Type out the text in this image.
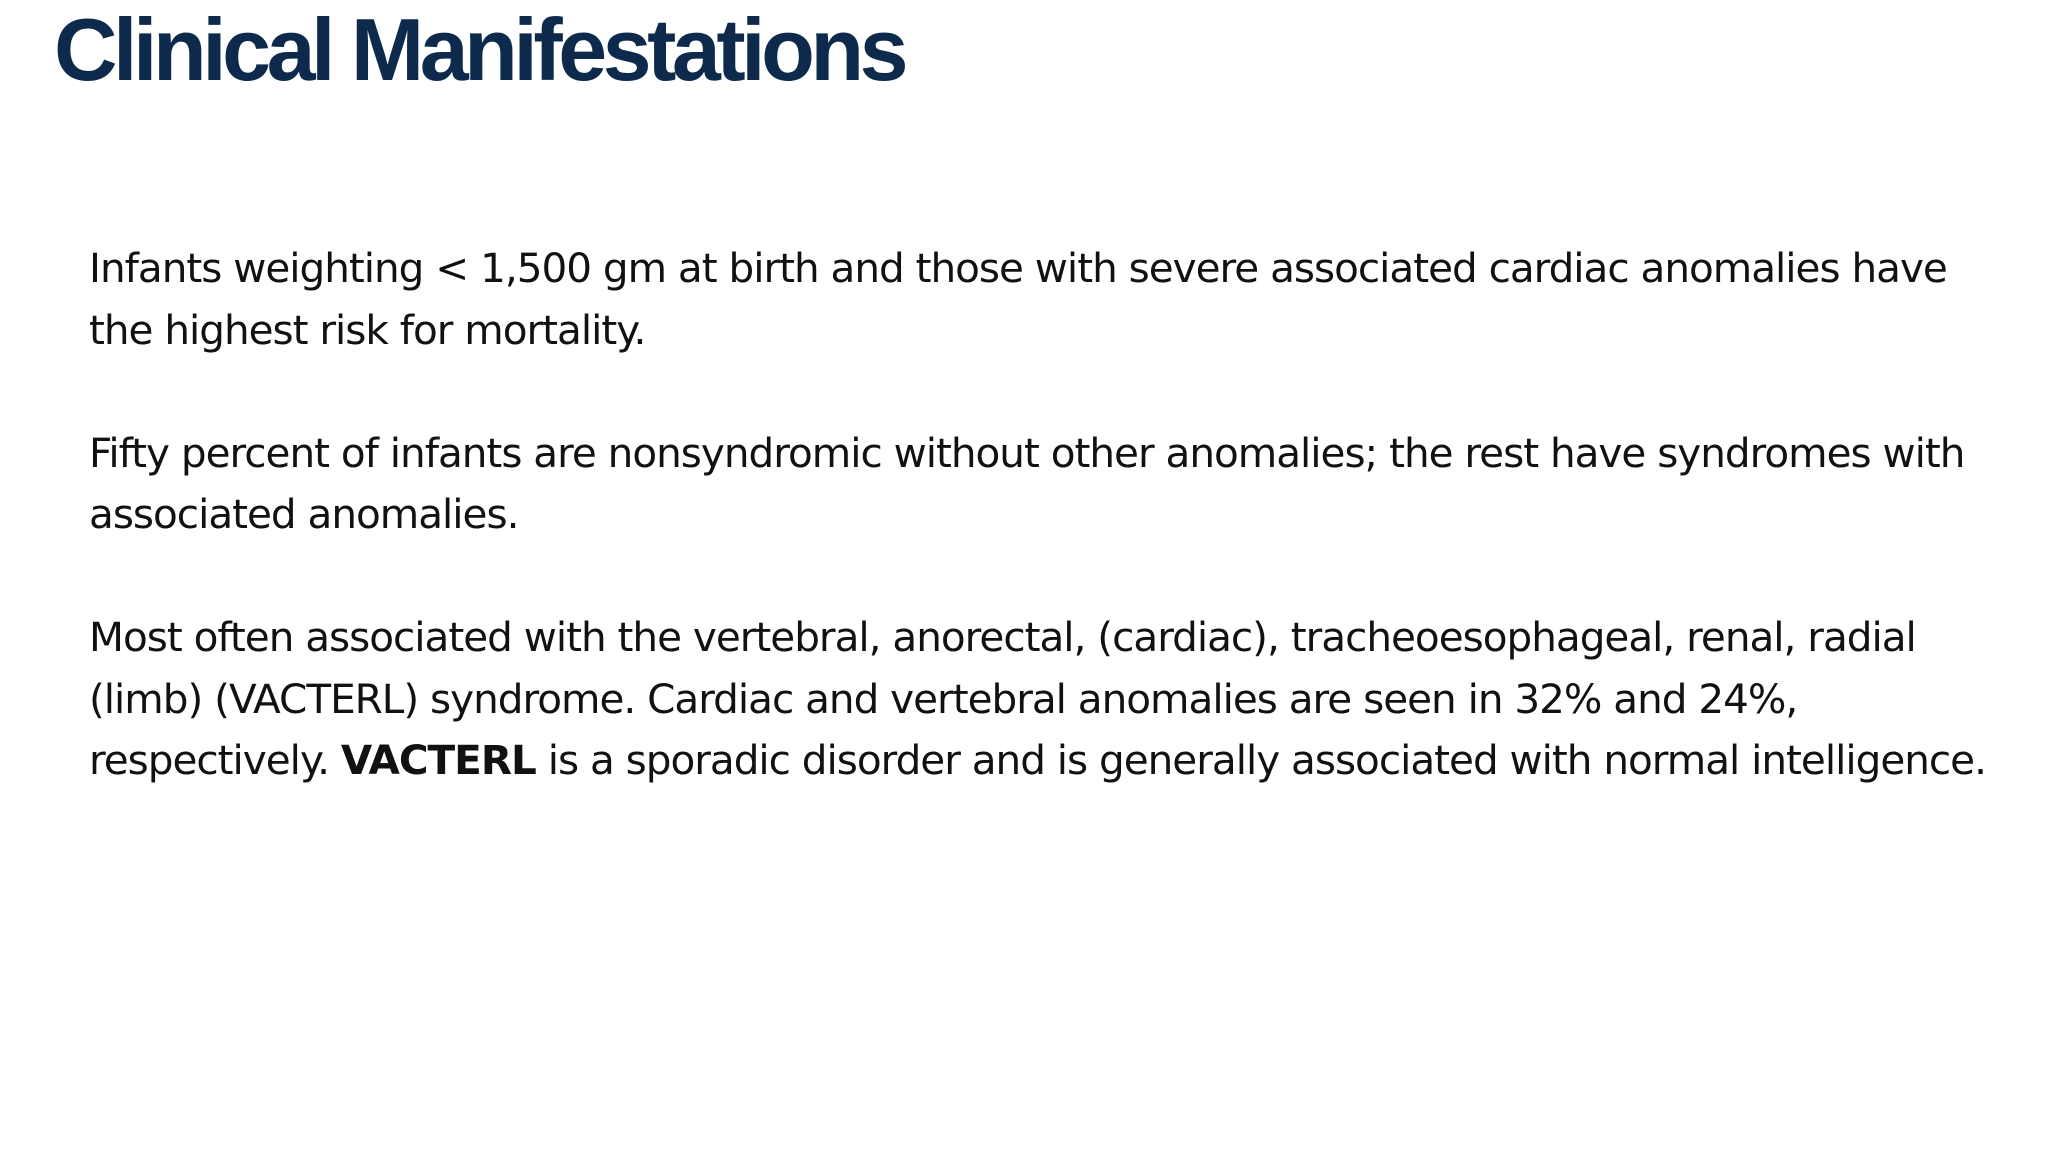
Clinical Manifestations

Infants weighting < 1,500 gm at birth and those with severe associated cardiac anomalies have the highest risk for mortality.

Fifty percent of infants are nonsyndromic without other anomalies; the rest have syndromes with associated anomalies.

Most often associated with the vertebral, anorectal, (cardiac), tracheoesophageal, renal, radial (limb) (VACTERL) syndrome. Cardiac and vertebral anomalies are seen in 32% and 24%, respectively. VACTERL is a sporadic disorder and is generally associated with normal intelligence.
